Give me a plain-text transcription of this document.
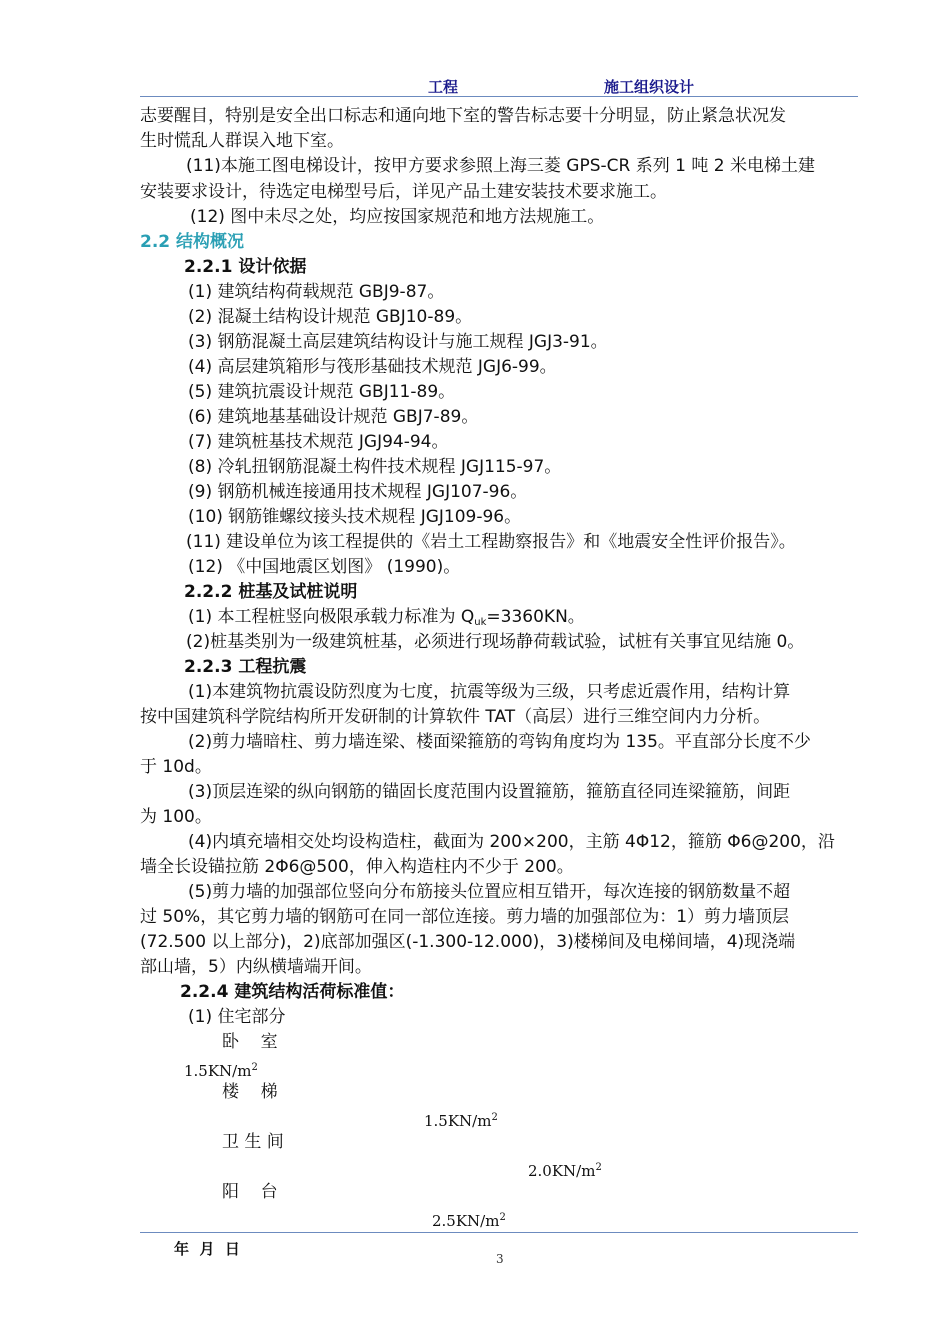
工程	施工组织设计
志要醒目，特别是安全出口标志和通向地下室的警告标志要十分明显，防止紧急状况发
生时慌乱人群误入地下室。
(11)本施工图电梯设计，按甲方要求参照上海三菱 GPS-CR 系列 1 吨 2 米电梯土建
安装要求设计，待选定电梯型号后，详见产品土建安装技术要求施工。
(12) 图中未尽之处，均应按国家规范和地方法规施工。
2.2 结构概况
2.2.1 设计依据
(1) 建筑结构荷载规范 GBJ9-87。
(2) 混凝土结构设计规范 GBJ10-89。
(3) 钢筋混凝土高层建筑结构设计与施工规程 JGJ3-91。
(4) 高层建筑箱形与筏形基础技术规范 JGJ6-99。
(5) 建筑抗震设计规范 GBJ11-89。
(6) 建筑地基基础设计规范 GBJ7-89。
(7) 建筑桩基技术规范 JGJ94-94。
(8) 冷轧扭钢筋混凝土构件技术规程 JGJ115-97。
(9) 钢筋机械连接通用技术规程 JGJ107-96。
(10) 钢筋锥螺纹接头技术规程 JGJ109-96。
(11) 建设单位为该工程提供的《岩土工程勘察报告》和《地震安全性评价报告》。
(12) 《中国地震区划图》 (1990)。
2.2.2 桩基及试桩说明
(1) 本工程桩竖向极限承载力标准为 Quk=3360KN。
(2)桩基类别为一级建筑桩基，必须进行现场静荷载试验，试桩有关事宜见结施 0。
2.2.3 工程抗震
(1)本建筑物抗震设防烈度为七度，抗震等级为三级，只考虑近震作用，结构计算
按中国建筑科学院结构所开发研制的计算软件 TAT（高层）进行三维空间内力分析。
(2)剪力墙暗柱、剪力墙连梁、楼面梁箍筋的弯钩角度均为 135。平直部分长度不少
于 10d。
(3)顶层连梁的纵向钢筋的锚固长度范围内设置箍筋，箍筋直径同连梁箍筋，间距
为 100。
(4)内填充墙相交处均设构造柱，截面为 200×200，主筋 4Φ12，箍筋 Φ6@200，沿
墙全长设锚拉筋 2Φ6@500，伸入构造柱内不少于 200。
(5)剪力墙的加强部位竖向分布筋接头位置应相互错开，每次连接的钢筋数量不超
过 50%，其它剪力墙的钢筋可在同一部位连接。剪力墙的加强部位为：1）剪力墙顶层
(72.500 以上部分)，2)底部加强区(-1.300-12.000)，3)楼梯间及电梯间墙，4)现浇端
部山墙，5）内纵横墙端开间。
2.2.4 建筑结构活荷标准值：
(1) 住宅部分
卧    室
$1.5KN/m^2$
楼    梯
$1.5KN/m^2$
卫 生 间
$2.0KN/m^2$
阳    台
$2.5KN/m^2$
年  月  日
3
